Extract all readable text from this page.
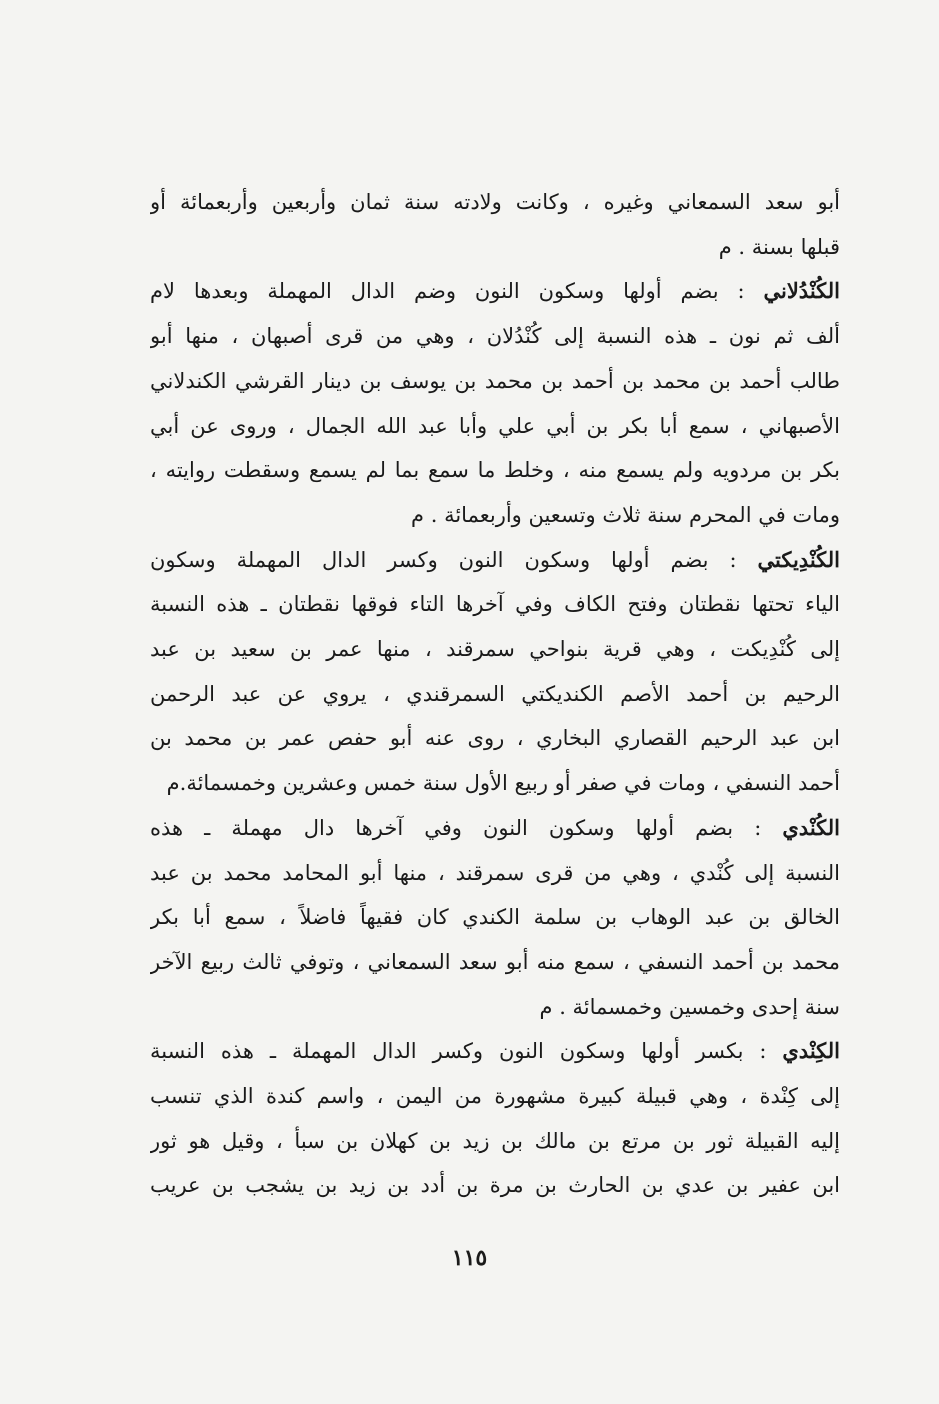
أبو سعد السمعاني وغيره ، وكانت ولادته سنة ثمان وأربعين وأربعمائة أو
قبلها بسنة . م
الكُنْدُلاني : بضم أولها وسكون النون وضم الدال المهملة وبعدها لام
ألف ثم نون ـ هذه النسبة إلى كُنْدُلان ، وهي من قرى أصبهان ، منها أبو
طالب أحمد بن محمد بن أحمد بن محمد بن يوسف بن دينار القرشي الكندلاني
الأصبهاني ، سمع أبا بكر بن أبي علي وأبا عبد الله الجمال ، وروى عن أبي
بكر بن مردويه ولم يسمع منه ، وخلط ما سمع بما لم يسمع وسقطت روايته ،
ومات في المحرم سنة ثلاث وتسعين وأربعمائة . م
الكُنْدِيكتي : بضم أولها وسكون النون وكسر الدال المهملة وسكون
الياء تحتها نقطتان وفتح الكاف وفي آخرها التاء فوقها نقطتان ـ هذه النسبة
إلى كُنْدِيكت ، وهي قرية بنواحي سمرقند ، منها عمر بن سعيد بن عبد
الرحيم بن أحمد الأصم الكنديكتي السمرقندي ، يروي عن عبد الرحمن
ابن عبد الرحيم القصاري البخاري ، روى عنه أبو حفص عمر بن محمد بن
أحمد النسفي ، ومات في صفر أو ربيع الأول سنة خمس وعشرين وخمسمائة.م
الكُنْدي : بضم أولها وسكون النون وفي آخرها دال مهملة ـ هذه
النسبة إلى كُنْدي ، وهي من قرى سمرقند ، منها أبو المحامد محمد بن عبد
الخالق بن عبد الوهاب بن سلمة الكندي كان فقيهاً فاضلاً ، سمع أبا بكر
محمد بن أحمد النسفي ، سمع منه أبو سعد السمعاني ، وتوفي ثالث ربيع الآخر
سنة إحدى وخمسين وخمسمائة . م
الكِنْدي : بكسر أولها وسكون النون وكسر الدال المهملة ـ هذه النسبة
إلى كِنْدة ، وهي قبيلة كبيرة مشهورة من اليمن ، واسم كندة الذي تنسب
إليه القبيلة ثور بن مرتع بن مالك بن زيد بن كهلان بن سبأ ، وقيل هو ثور
ابن عفير بن عدي بن الحارث بن مرة بن أدد بن زيد بن يشجب بن عريب
١١٥
